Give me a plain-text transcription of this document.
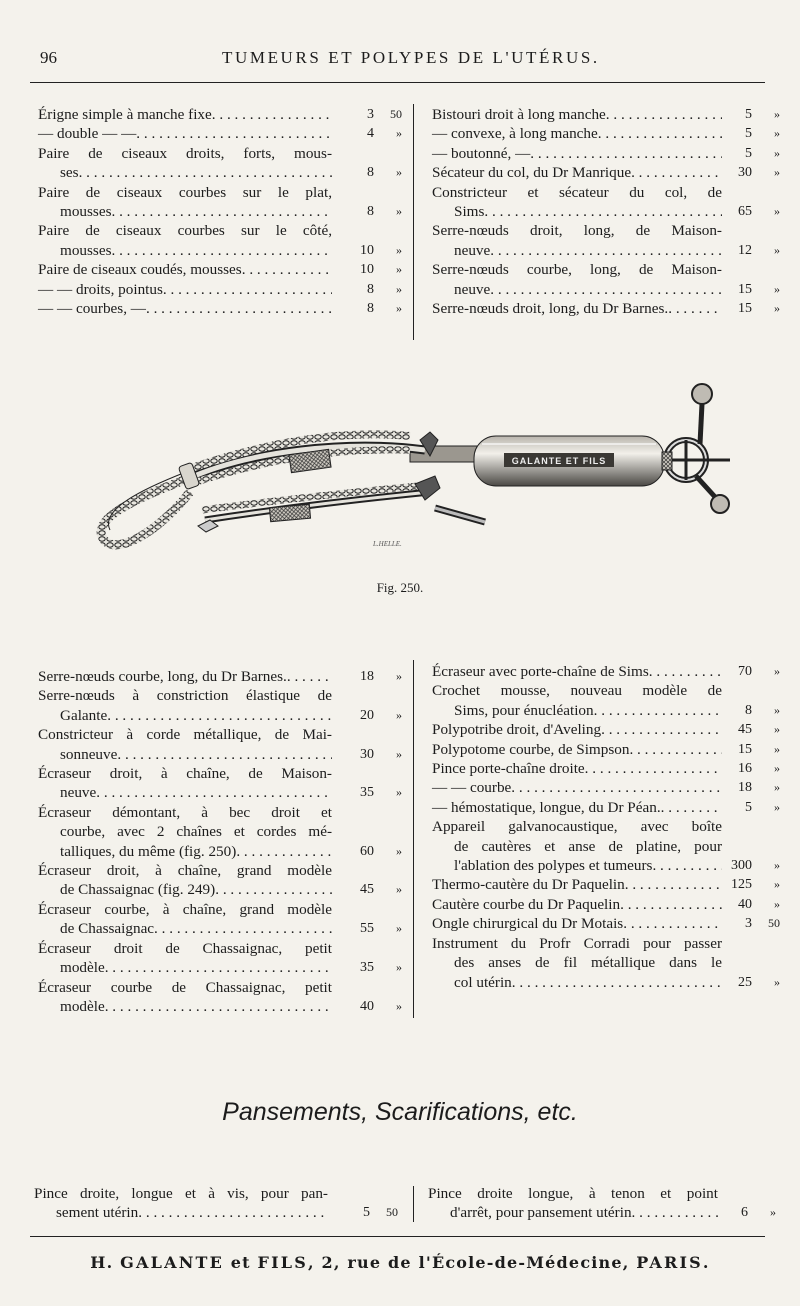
96	TUMEURS ET POLYPES DE L'UTÉRUS.
Érigne simple à manche fixe . . .	3 50
— double — — . . .	4 »
Paire de ciseaux droits, forts, mous-
ses . . .	8 »
Paire de ciseaux courbes sur le plat,
mousses . . .	8 »
Paire de ciseaux courbes sur le côté,
mousses . . .	10 »
Paire de ciseaux coudés, mousses . . .	10 »
— — droits, pointus . . .	8 »
— — courbes, — . . .	8 »
Bistouri droit à long manche . . .	5 »
— convexe, à long manche . . .	5 »
— boutonné, — . . .	5 »
Sécateur du col, du Dr Manrique . . .	30 »
Constricteur et sécateur du col, de
Sims . . .	65 »
Serre-nœuds droit, long, de Maison-
neuve . . .	12 »
Serre-nœuds courbe, long, de Maison-
neuve . . .	15 »
Serre-nœuds droit, long, du Dr Barnes. . . .	15 »
GALANTE ET FILS
L.HELLE.
Fig. 250.
Serre-nœuds courbe, long, du Dr Barnes. . . .	18 »
Serre-nœuds à constriction élastique de
Galante . . .	20 »
Constricteur à corde métallique, de Mai-
sonneuve . . .	30 »
Écraseur droit, à chaîne, de Maison-
neuve . . .	35 »
Écraseur démontant, à bec droit et
courbe, avec 2 chaînes et cordes mé-
talliques, du même (fig. 250) . . .	60 »
Écraseur droit, à chaîne, grand modèle
de Chassaignac (fig. 249) . . .	45 »
Écraseur courbe, à chaîne, grand modèle
de Chassaignac . . .	55 »
Écraseur droit de Chassaignac, petit
modèle . . .	35 »
Écraseur courbe de Chassaignac, petit
modèle . . .	40 »
Écraseur avec porte-chaîne de Sims . . .	70 »
Crochet mousse, nouveau modèle de
Sims, pour énucléation . . .	8 »
Polypotribe droit, d'Aveling . . .	45 »
Polypotome courbe, de Simpson . . .	15 »
Pince porte-chaîne droite . . .	16 »
— — courbe . . .	18 »
— hémostatique, longue, du Dr Péan. . . .	5 »
Appareil galvanocaustique, avec boîte
de cautères et anse de platine, pour
l'ablation des polypes et tumeurs . . .	300 »
Thermo-cautère du Dr Paquelin . . .	125 »
Cautère courbe du Dr Paquelin . . .	40 »
Ongle chirurgical du Dr Motais . . .	3 50
Instrument du Profr Corradi pour passer
des anses de fil métallique dans le
col utérin . . .	25 »
Pansements, Scarifications, etc.
Pince droite, longue et à vis, pour pan-
sement utérin . . .	5 50
Pince droite longue, à tenon et point
d'arrêt, pour pansement utérin . . .	6 »
H. GALANTE et FILS, 2, rue de l'École-de-Médecine, PARIS.
